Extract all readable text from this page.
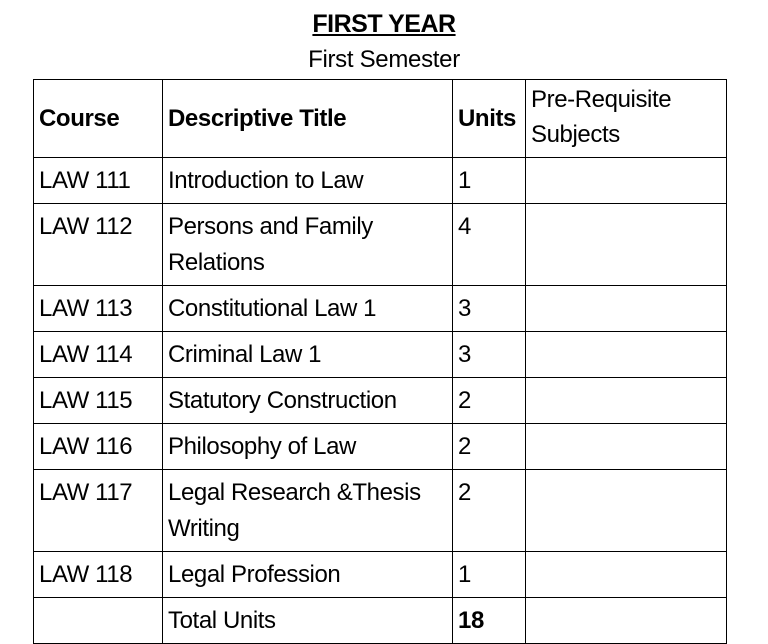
FIRST YEAR
First Semester
Course	Descriptive Title	Units	Pre-Requisite Subjects
LAW 111	Introduction to Law	1	
LAW 112	Persons and Family Relations	4	
LAW 113	Constitutional Law 1	3	
LAW 114	Criminal Law 1	3	
LAW 115	Statutory Construction	2	
LAW 116	Philosophy of Law	2	
LAW 117	Legal Research &Thesis Writing	2	
LAW 118	Legal Profession	1	
	Total Units	18	
